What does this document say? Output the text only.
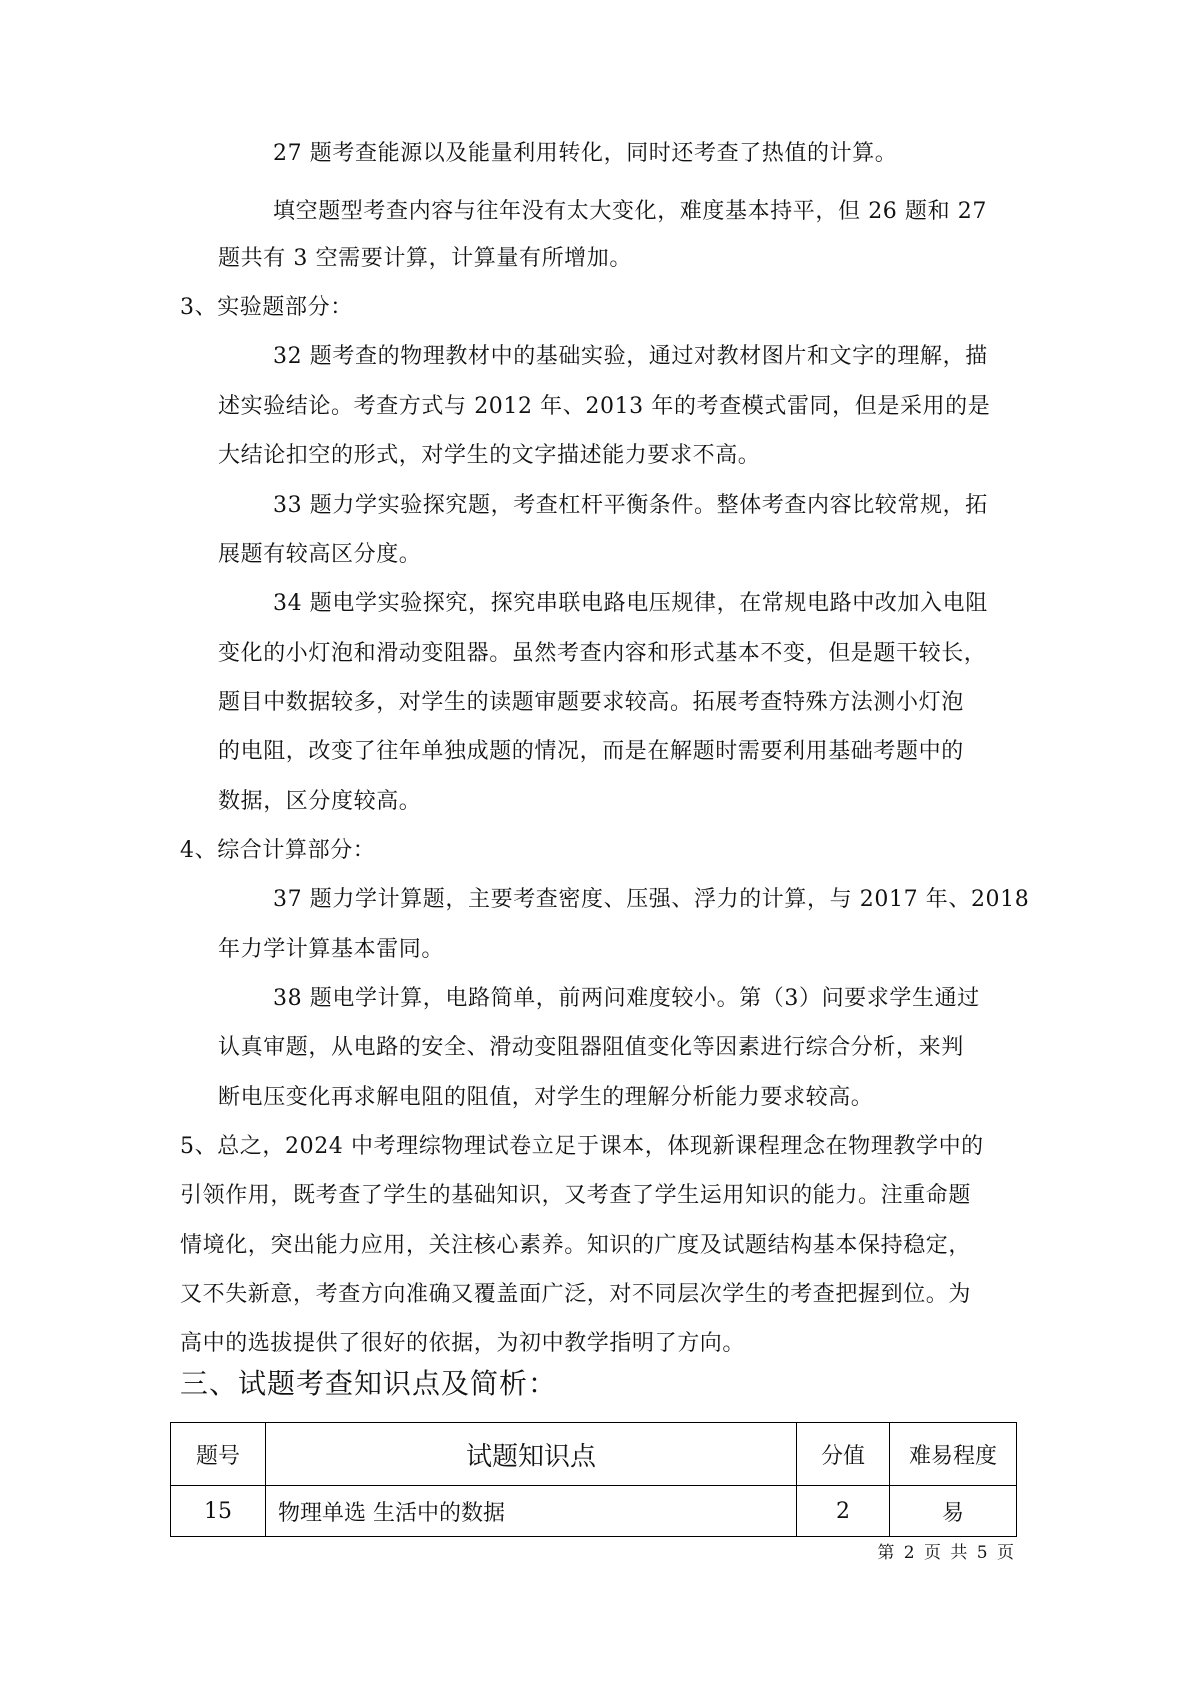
27 题考查能源以及能量利用转化，同时还考查了热值的计算。

填空题型考查内容与往年没有太大变化，难度基本持平，但 26 题和 27

题共有 3 空需要计算，计算量有所增加。

3、实验题部分：

32 题考查的物理教材中的基础实验，通过对教材图片和文字的理解，描

述实验结论。考查方式与 2012 年、2013 年的考查模式雷同，但是采用的是

大结论扣空的形式，对学生的文字描述能力要求不高。

33 题力学实验探究题，考查杠杆平衡条件。整体考查内容比较常规，拓

展题有较高区分度。

34 题电学实验探究，探究串联电路电压规律，在常规电路中改加入电阻

变化的小灯泡和滑动变阻器。虽然考查内容和形式基本不变，但是题干较长，

题目中数据较多，对学生的读题审题要求较高。拓展考查特殊方法测小灯泡

的电阻，改变了往年单独成题的情况，而是在解题时需要利用基础考题中的

数据，区分度较高。

4、综合计算部分：

37 题力学计算题，主要考查密度、压强、浮力的计算，与 2017 年、2018

年力学计算基本雷同。

38 题电学计算，电路简单，前两问难度较小。第（3）问要求学生通过

认真审题，从电路的安全、滑动变阻器阻值变化等因素进行综合分析，来判

断电压变化再求解电阻的阻值，对学生的理解分析能力要求较高。

5、总之，2024 中考理综物理试卷立足于课本，体现新课程理念在物理教学中的

引领作用，既考查了学生的基础知识，又考查了学生运用知识的能力。注重命题

情境化，突出能力应用，关注核心素养。知识的广度及试题结构基本保持稳定，

又不失新意，考查方向准确又覆盖面广泛，对不同层次学生的考查把握到位。为

高中的选拔提供了很好的依据，为初中教学指明了方向。

三、试题考查知识点及简析：
题号	试题知识点	分值	难易程度
15	物理单选 生活中的数据	2	易

第 2 页 共 5 页
